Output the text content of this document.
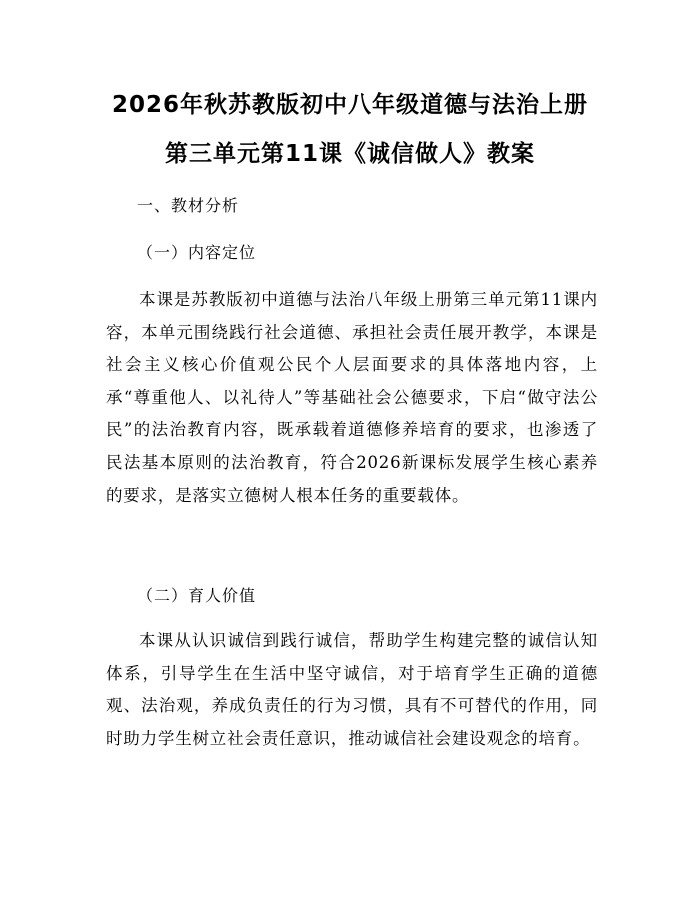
2026年秋苏教版初中八年级道德与法治上册
第三单元第11课《诚信做人》教案
一、教材分析
（一）内容定位
本课是苏教版初中道德与法治八年级上册第三单元第11课内容，本单元围绕践行社会道德、承担社会责任展开教学，本课是社会主义核心价值观公民个人层面要求的具体落地内容，上承“尊重他人、以礼待人”等基础社会公德要求，下启“做守法公民”的法治教育内容，既承载着道德修养培育的要求，也渗透了民法基本原则的法治教育，符合2026新课标发展学生核心素养的要求，是落实立德树人根本任务的重要载体。
（二）育人价值
本课从认识诚信到践行诚信，帮助学生构建完整的诚信认知体系，引导学生在生活中坚守诚信，对于培育学生正确的道德观、法治观，养成负责任的行为习惯，具有不可替代的作用，同时助力学生树立社会责任意识，推动诚信社会建设观念的培育。
